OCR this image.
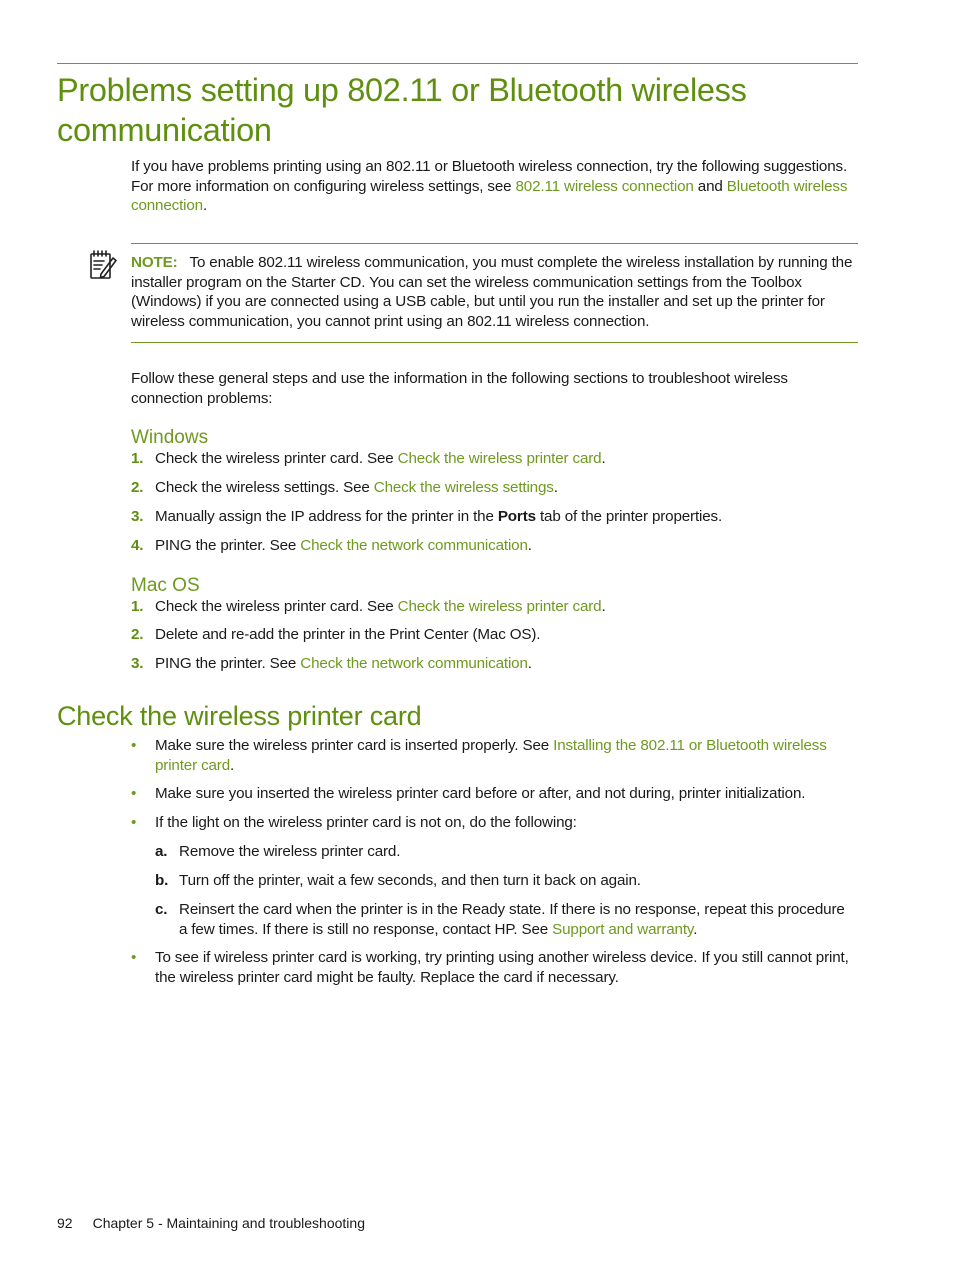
Problems setting up 802.11 or Bluetooth wireless communication
If you have problems printing using an 802.11 or Bluetooth wireless connection, try the following suggestions. For more information on configuring wireless settings, see 802.11 wireless connection and Bluetooth wireless connection.
NOTE: To enable 802.11 wireless communication, you must complete the wireless installation by running the installer program on the Starter CD. You can set the wireless communication settings from the Toolbox (Windows) if you are connected using a USB cable, but until you run the installer and set up the printer for wireless communication, you cannot print using an 802.11 wireless connection.
Follow these general steps and use the information in the following sections to troubleshoot wireless connection problems:
Windows
1. Check the wireless printer card. See Check the wireless printer card.
2. Check the wireless settings. See Check the wireless settings.
3. Manually assign the IP address for the printer in the Ports tab of the printer properties.
4. PING the printer. See Check the network communication.
Mac OS
1. Check the wireless printer card. See Check the wireless printer card.
2. Delete and re-add the printer in the Print Center (Mac OS).
3. PING the printer. See Check the network communication.
Check the wireless printer card
• Make sure the wireless printer card is inserted properly. See Installing the 802.11 or Bluetooth wireless printer card.
• Make sure you inserted the wireless printer card before or after, and not during, printer initialization.
• If the light on the wireless printer card is not on, do the following:
a. Remove the wireless printer card.
b. Turn off the printer, wait a few seconds, and then turn it back on again.
c. Reinsert the card when the printer is in the Ready state. If there is no response, repeat this procedure a few times. If there is still no response, contact HP. See Support and warranty.
• To see if wireless printer card is working, try printing using another wireless device. If you still cannot print, the wireless printer card might be faulty. Replace the card if necessary.
92 Chapter 5 - Maintaining and troubleshooting
